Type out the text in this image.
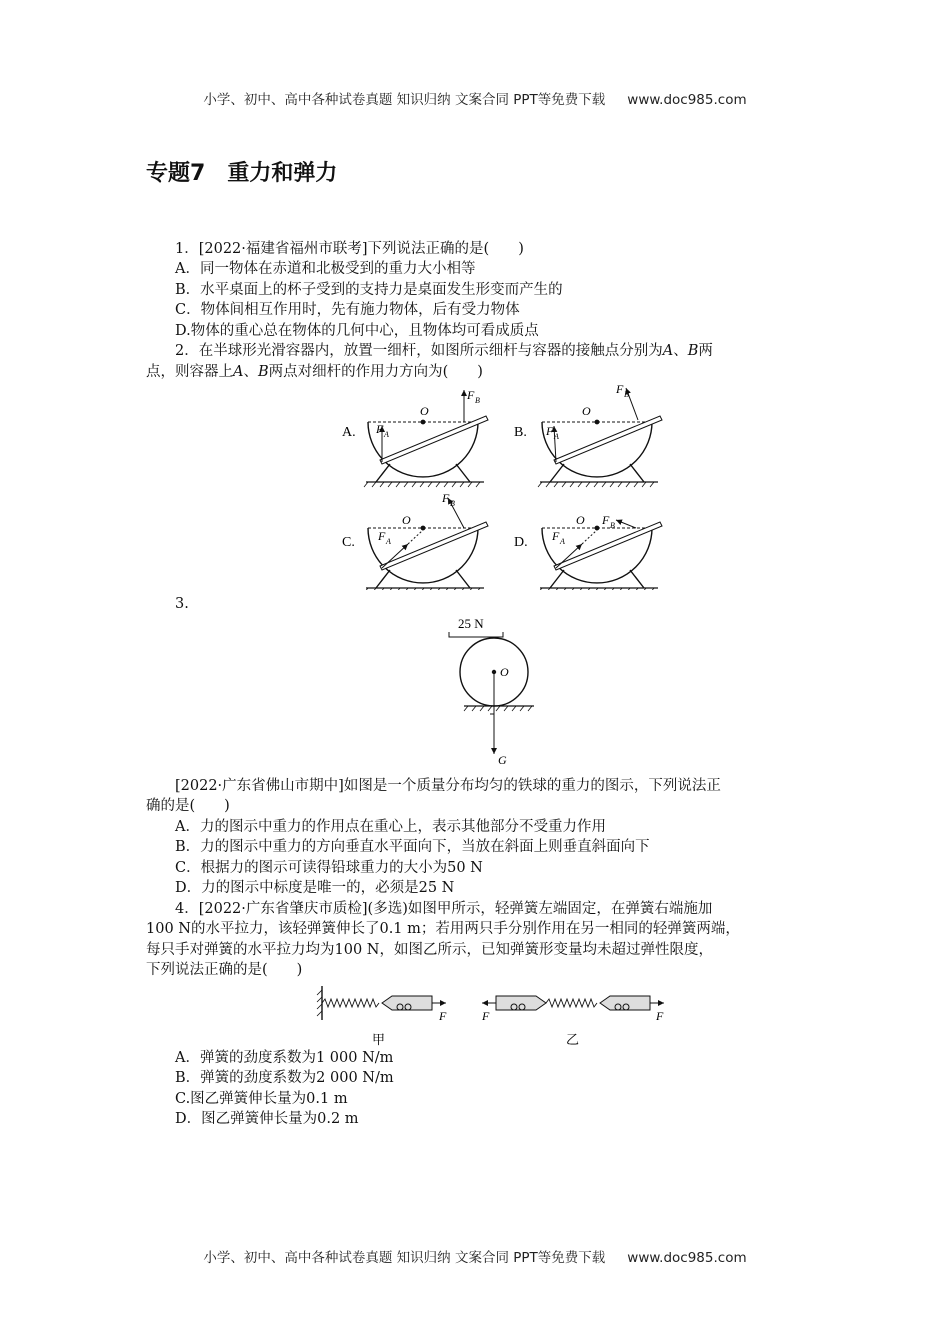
小学、初中、高中各种试卷真题 知识归纳 文案合同 PPT等免费下载 www.doc985.com
专题7 重力和弹力
1．[2022·福建省福州市联考]下列说法正确的是(　　)
A．同一物体在赤道和北极受到的重力大小相等
B．水平桌面上的杯子受到的支持力是桌面发生形变而产生的
C．物体间相互作用时，先有施力物体，后有受力物体
D.物体的重心总在物体的几何中心，且物体均可看成质点
2．在半球形光滑容器内，放置一细杆，如图所示细杆与容器的接触点分别为A、B两
点，则容器上A、B两点对细杆的作用力方向为(　　)
A.
O
F A
F B
B.
O
F A
F B
C.
O
F A
F B
D.
O
F A
F B
3.
25 N
O
G
[2022·广东省佛山市期中]如图是一个质量分布均匀的铁球的重力的图示，下列说法正
确的是(　　)
A．力的图示中重力的作用点在重心上，表示其他部分不受重力作用
B．力的图示中重力的方向垂直水平面向下，当放在斜面上则垂直斜面向下
C．根据力的图示可读得铅球重力的大小为50 N
D．力的图示中标度是唯一的，必须是25 N
4．[2022·广东省肇庆市质检](多选)如图甲所示，轻弹簧左端固定，在弹簧右端施加
100 N的水平拉力，该轻弹簧伸长了0.1 m；若用两只手分别作用在另一相同的轻弹簧两端，
每只手对弹簧的水平拉力均为100 N，如图乙所示，已知弹簧形变量均未超过弹性限度，
下列说法正确的是(　　)
F
甲
F	F
乙
A．弹簧的劲度系数为1 000 N/m
B．弹簧的劲度系数为2 000 N/m
C.图乙弹簧伸长量为0.1 m
D．图乙弹簧伸长量为0.2 m
小学、初中、高中各种试卷真题 知识归纳 文案合同 PPT等免费下载 www.doc985.com
